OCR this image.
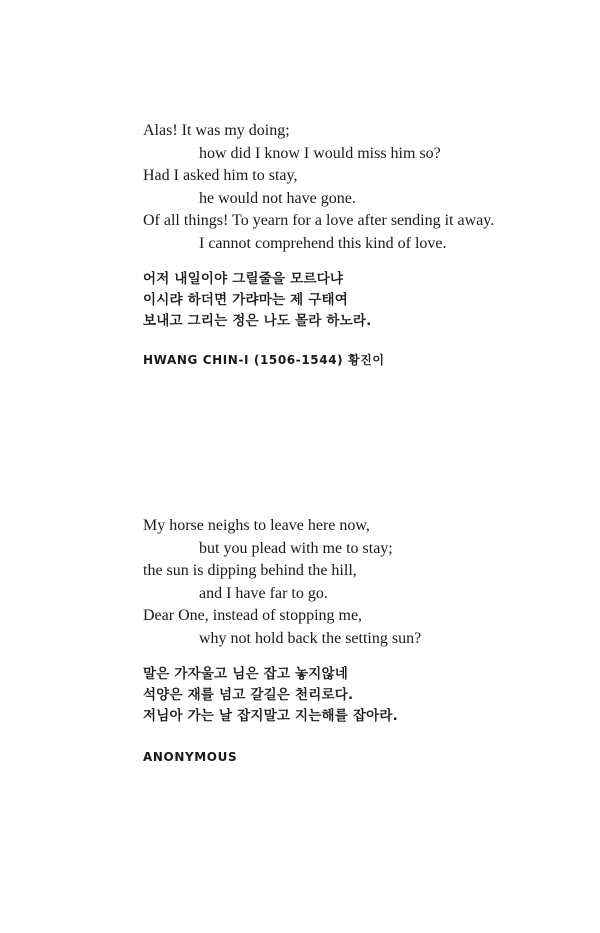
Alas! It was my doing;

how did I know I would miss him so?

Had I asked him to stay,

he would not have gone.

Of all things! To yearn for a love after sending it away.

I cannot comprehend this kind of love.

어저 내일이야 그릴줄을 모르다냐

이시랴 하더면 가랴마는 제 구태여

보내고 그리는 정은 나도 몰라 하노라.

HWANG CHIN-I (1506-1544) 황진이

My horse neighs to leave here now,

but you plead with me to stay;

the sun is dipping behind the hill,

and I have far to go.

Dear One, instead of stopping me,

why not hold back the setting sun?

말은 가자울고 님은 잡고 놓지않네

석양은 재를 넘고 갈길은 천리로다.

저님아 가는 날 잡지말고 지는해를 잡아라.

ANONYMOUS
